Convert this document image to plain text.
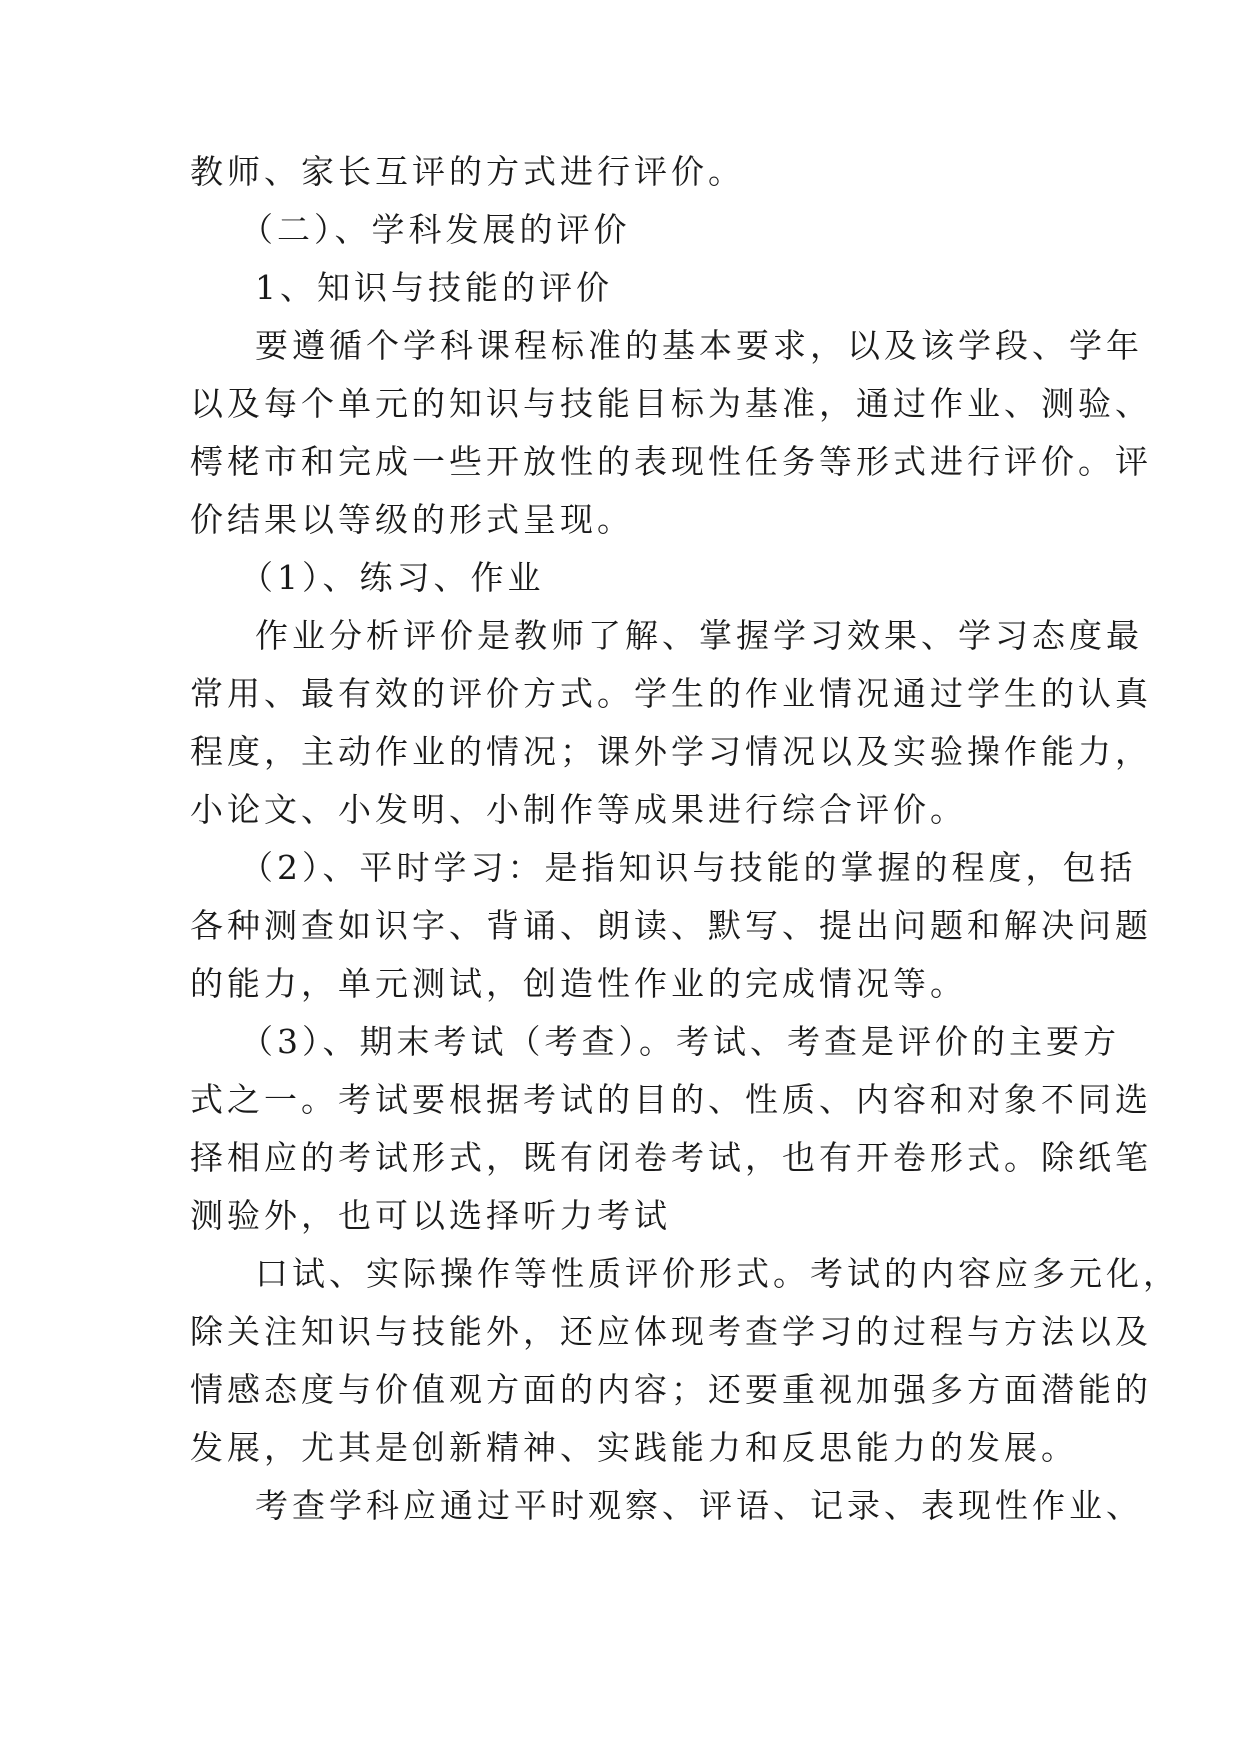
教师、家长互评的方式进行评价。

（二）、学科发展的评价

1、知识与技能的评价

要遵循个学科课程标准的基本要求，以及该学段、学年

以及每个单元的知识与技能目标为基准，通过作业、测验、

樗栳市和完成一些开放性的表现性任务等形式进行评价。评

价结果以等级的形式呈现。

（1）、练习、作业

作业分析评价是教师了解、掌握学习效果、学习态度最

常用、最有效的评价方式。学生的作业情况通过学生的认真

程度，主动作业的情况；课外学习情况以及实验操作能力，

小论文、小发明、小制作等成果进行综合评价。

（2）、平时学习：是指知识与技能的掌握的程度，包括

各种测查如识字、背诵、朗读、默写、提出问题和解决问题

的能力，单元测试，创造性作业的完成情况等。

（3）、期末考试（考查）。考试、考查是评价的主要方

式之一。考试要根据考试的目的、性质、内容和对象不同选

择相应的考试形式，既有闭卷考试，也有开卷形式。除纸笔

测验外，也可以选择听力考试

口试、实际操作等性质评价形式。考试的内容应多元化，

除关注知识与技能外，还应体现考查学习的过程与方法以及

情感态度与价值观方面的内容；还要重视加强多方面潜能的

发展，尤其是创新精神、实践能力和反思能力的发展。

考查学科应通过平时观察、评语、记录、表现性作业、
